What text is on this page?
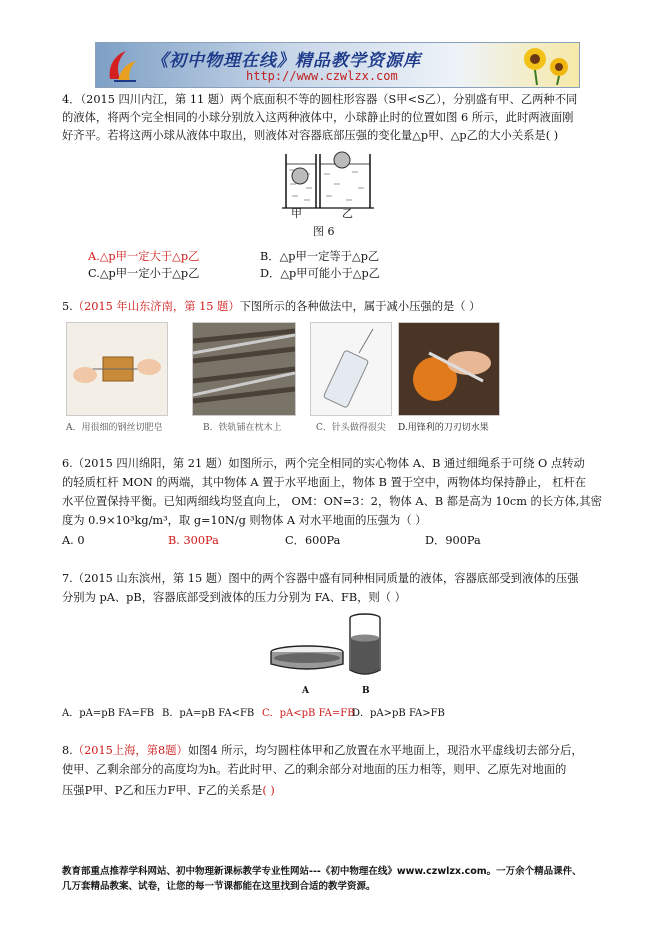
《初中物理在线》精品教学资源库
http://www.czwlzx.com
4．（2015 四川内江，第 11 题）两个底面积不等的圆柱形容器（S甲<S乙），分别盛有甲、乙两种不同
的液体，将两个完全相同的小球分别放入这两种液体中，小球静止时的位置如图 6 所示，此时两液面刚
好齐平。若将这两小球从液体中取出，则液体对容器底部压强的变化量△p甲、△p乙的大小关系是( )
甲	乙
图 6
A.△p甲一定大于△p乙	B．△p甲一定等于△p乙
C.△p甲一定小于△p乙	D．△p甲可能小于△p乙
5.（2015 年山东济南，第 15 题）下图所示的各种做法中，属于减小压强的是（ ）
A．用很细的钢丝切肥皂	B．铁轨铺在枕木上	C．针头做得很尖 D.用锋利的刀刃切水果
6.（2015 四川绵阳，第 21 题）如图所示，两个完全相同的实心物体 A、B 通过细绳系于可绕 O 点转动
的轻质杠杆 MON 的两端，其中物体 A 置于水平地面上，物体 B 置于空中，两物体均保持静止， 杠杆在
水平位置保持平衡。已知两细线均竖直向上， OM：ON=3：2，物体 A、B 都是高为 10cm 的长方体,其密
度为 0.9×10³kg/m³，取 g=10N/g 则物体 A 对水平地面的压强为（ ）
A. 0	B. 300Pa	C．600Pa	D．900Pa
7.（2015 山东滨州，第 15 题）图中的两个容器中盛有同种相同质量的液体，容器底部受到液体的压强
分别为 pA、pB，容器底部受到液体的压力分别为 FA、FB，则（ ）
A	B
A．pA=pB FA=FB B．pA=pB FA<FB C．pA<pB FA=FB
D．pA>pB FA>FB
8.（2015上海，第8题）如图4 所示，均匀圆柱体甲和乙放置在水平地面上，现沿水平虚线切去部分后，
使甲、乙剩余部分的高度均为h。若此时甲、乙的剩余部分对地面的压力相等，则甲、乙原先对地面的
压强P甲、P乙和压力F甲、F乙的关系是( )
教育部重点推荐学科网站、初中物理新课标教学专业性网站---《初中物理在线》www.czwlzx.com。一万余个精品课件、
几万套精品教案、试卷，让您的每一节课都能在这里找到合适的教学资源。
